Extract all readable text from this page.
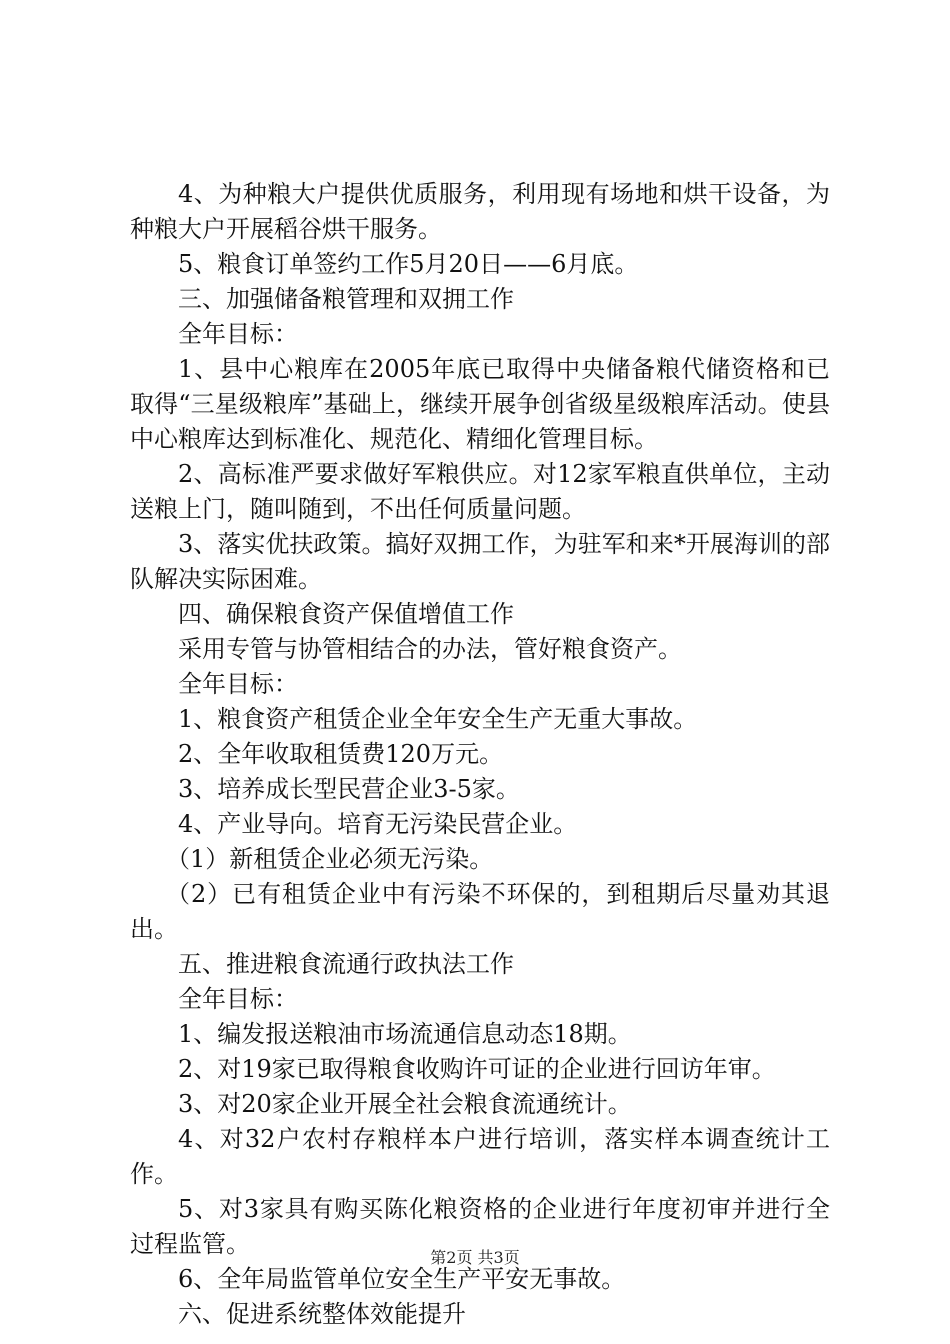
4、为种粮大户提供优质服务，利用现有场地和烘干设备，为种粮大户开展稻谷烘干服务。

5、粮食订单签约工作5月20日——6月底。

三、加强储备粮管理和双拥工作

全年目标：

1、县中心粮库在2005年底已取得中央储备粮代储资格和已取得“三星级粮库”基础上，继续开展争创省级星级粮库活动。使县中心粮库达到标准化、规范化、精细化管理目标。

2、高标准严要求做好军粮供应。对12家军粮直供单位，主动送粮上门，随叫随到，不出任何质量问题。

3、落实优扶政策。搞好双拥工作，为驻军和来*开展海训的部队解决实际困难。

四、确保粮食资产保值增值工作

采用专管与协管相结合的办法，管好粮食资产。

全年目标：

1、粮食资产租赁企业全年安全生产无重大事故。

2、全年收取租赁费120万元。

3、培养成长型民营企业3-5家。

4、产业导向。培育无污染民营企业。

（1）新租赁企业必须无污染。

（2）已有租赁企业中有污染不环保的，到租期后尽量劝其退出。

五、推进粮食流通行政执法工作

全年目标：

1、编发报送粮油市场流通信息动态18期。

2、对19家已取得粮食收购许可证的企业进行回访年审。

3、对20家企业开展全社会粮食流通统计。

4、对32户农村存粮样本户进行培训，落实样本调查统计工作。

5、对3家具有购买陈化粮资格的企业进行年度初审并进行全过程监管。

6、全年局监管单位安全生产平安无事故。

六、促进系统整体效能提升

第2页 共3页
